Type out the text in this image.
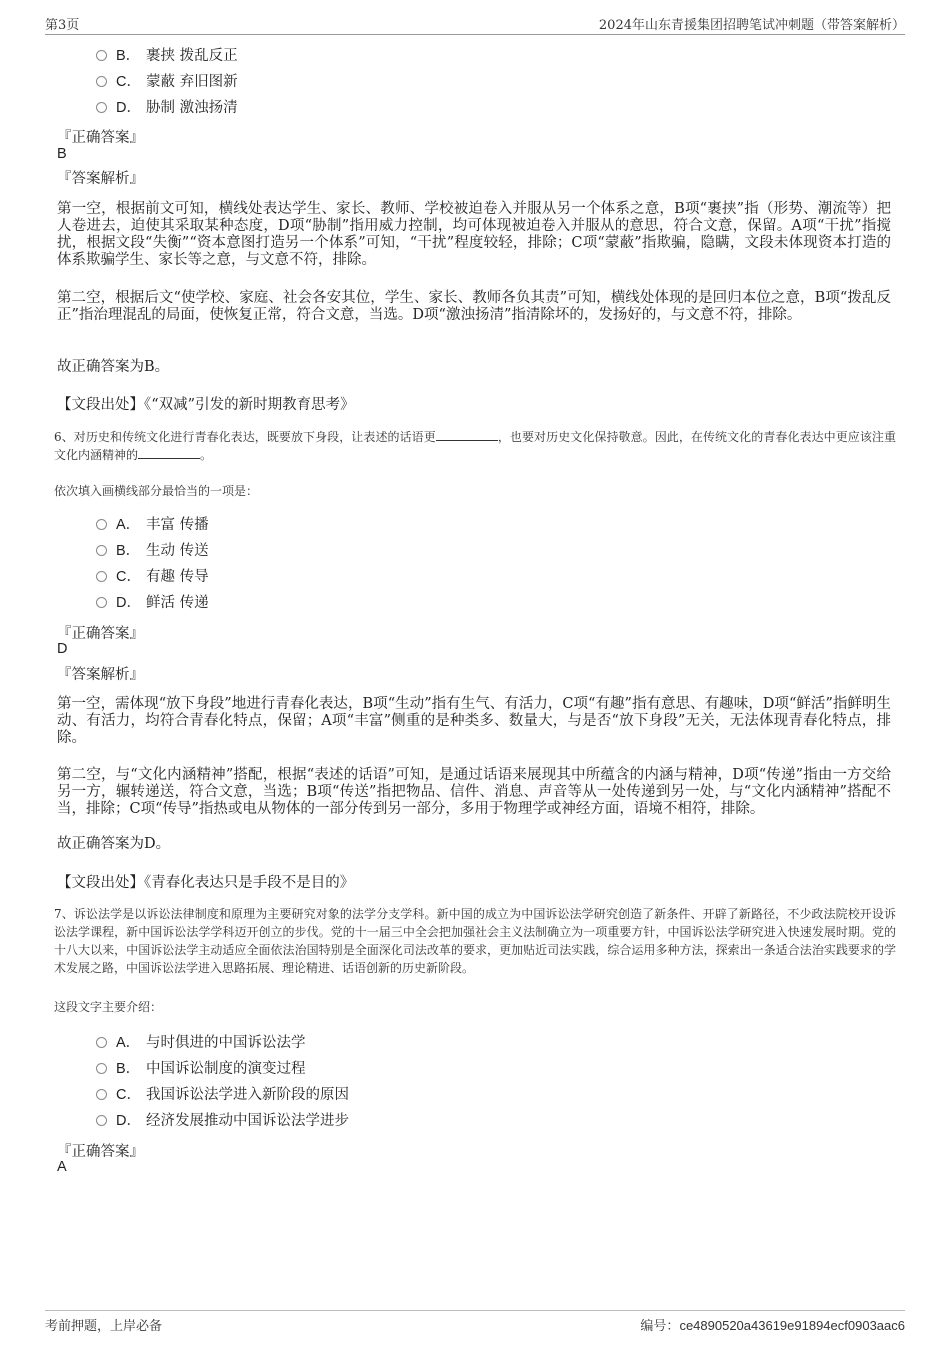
第3页	2024年山东青援集团招聘笔试冲刺题（带答案解析）
B． 裹挟 拨乱反正
C． 蒙蔽 弃旧图新
D． 胁制 激浊扬清
『正确答案』
B
『答案解析』
第一空，根据前文可知，横线处表达学生、家长、教师、学校被迫卷入并服从另一个体系之意，B项“裹挟”指（形势、潮流等）把人卷进去，迫使其采取某种态度，D项“胁制”指用威力控制，均可体现被迫卷入并服从的意思，符合文意，保留。A项“干扰”指搅扰，根据文段“失衡”“资本意图打造另一个体系”可知，“干扰”程度较轻，排除；C项“蒙蔽”指欺骗，隐瞒，文段未体现资本打造的体系欺骗学生、家长等之意，与文意不符，排除。
第二空，根据后文“使学校、家庭、社会各安其位，学生、家长、教师各负其责”可知，横线处体现的是回归本位之意，B项“拨乱反正”指治理混乱的局面，使恢复正常，符合文意，当选。D项“激浊扬清”指清除坏的，发扬好的，与文意不符，排除。
故正确答案为B。
【文段出处】《“双减”引发的新时期教育思考》
6、对历史和传统文化进行青春化表达，既要放下身段，让表述的话语更	，也要对历史文化保持敬意。因此，在传统文化的青春化表达中更应该注重文化内涵精神的	。
依次填入画横线部分最恰当的一项是：
A． 丰富 传播
B． 生动 传送
C． 有趣 传导
D． 鲜活 传递
『正确答案』
D
『答案解析』
第一空，需体现“放下身段”地进行青春化表达，B项“生动”指有生气、有活力，C项“有趣”指有意思、有趣味，D项“鲜活”指鲜明生动、有活力，均符合青春化特点，保留；A项“丰富”侧重的是种类多、数量大，与是否“放下身段”无关，无法体现青春化特点，排除。
第二空，与“文化内涵精神”搭配，根据“表述的话语”可知，是通过话语来展现其中所蕴含的内涵与精神，D项“传递”指由一方交给另一方，辗转递送，符合文意，当选；B项“传送”指把物品、信件、消息、声音等从一处传递到另一处，与“文化内涵精神”搭配不当，排除；C项“传导”指热或电从物体的一部分传到另一部分，多用于物理学或神经方面，语境不相符，排除。
故正确答案为D。
【文段出处】《青春化表达只是手段不是目的》
7、诉讼法学是以诉讼法律制度和原理为主要研究对象的法学分支学科。新中国的成立为中国诉讼法学研究创造了新条件、开辟了新路径，不少政法院校开设诉讼法学课程，新中国诉讼法学学科迈开创立的步伐。党的十一届三中全会把加强社会主义法制确立为一项重要方针，中国诉讼法学研究进入快速发展时期。党的十八大以来，中国诉讼法学主动适应全面依法治国特别是全面深化司法改革的要求，更加贴近司法实践，综合运用多种方法，探索出一条适合法治实践要求的学术发展之路，中国诉讼法学进入思路拓展、理论精进、话语创新的历史新阶段。
这段文字主要介绍：
A． 与时俱进的中国诉讼法学
B． 中国诉讼制度的演变过程
C． 我国诉讼法学进入新阶段的原因
D． 经济发展推动中国诉讼法学进步
『正确答案』
A
考前押题，上岸必备	编号：ce4890520a43619e91894ecf0903aac6
